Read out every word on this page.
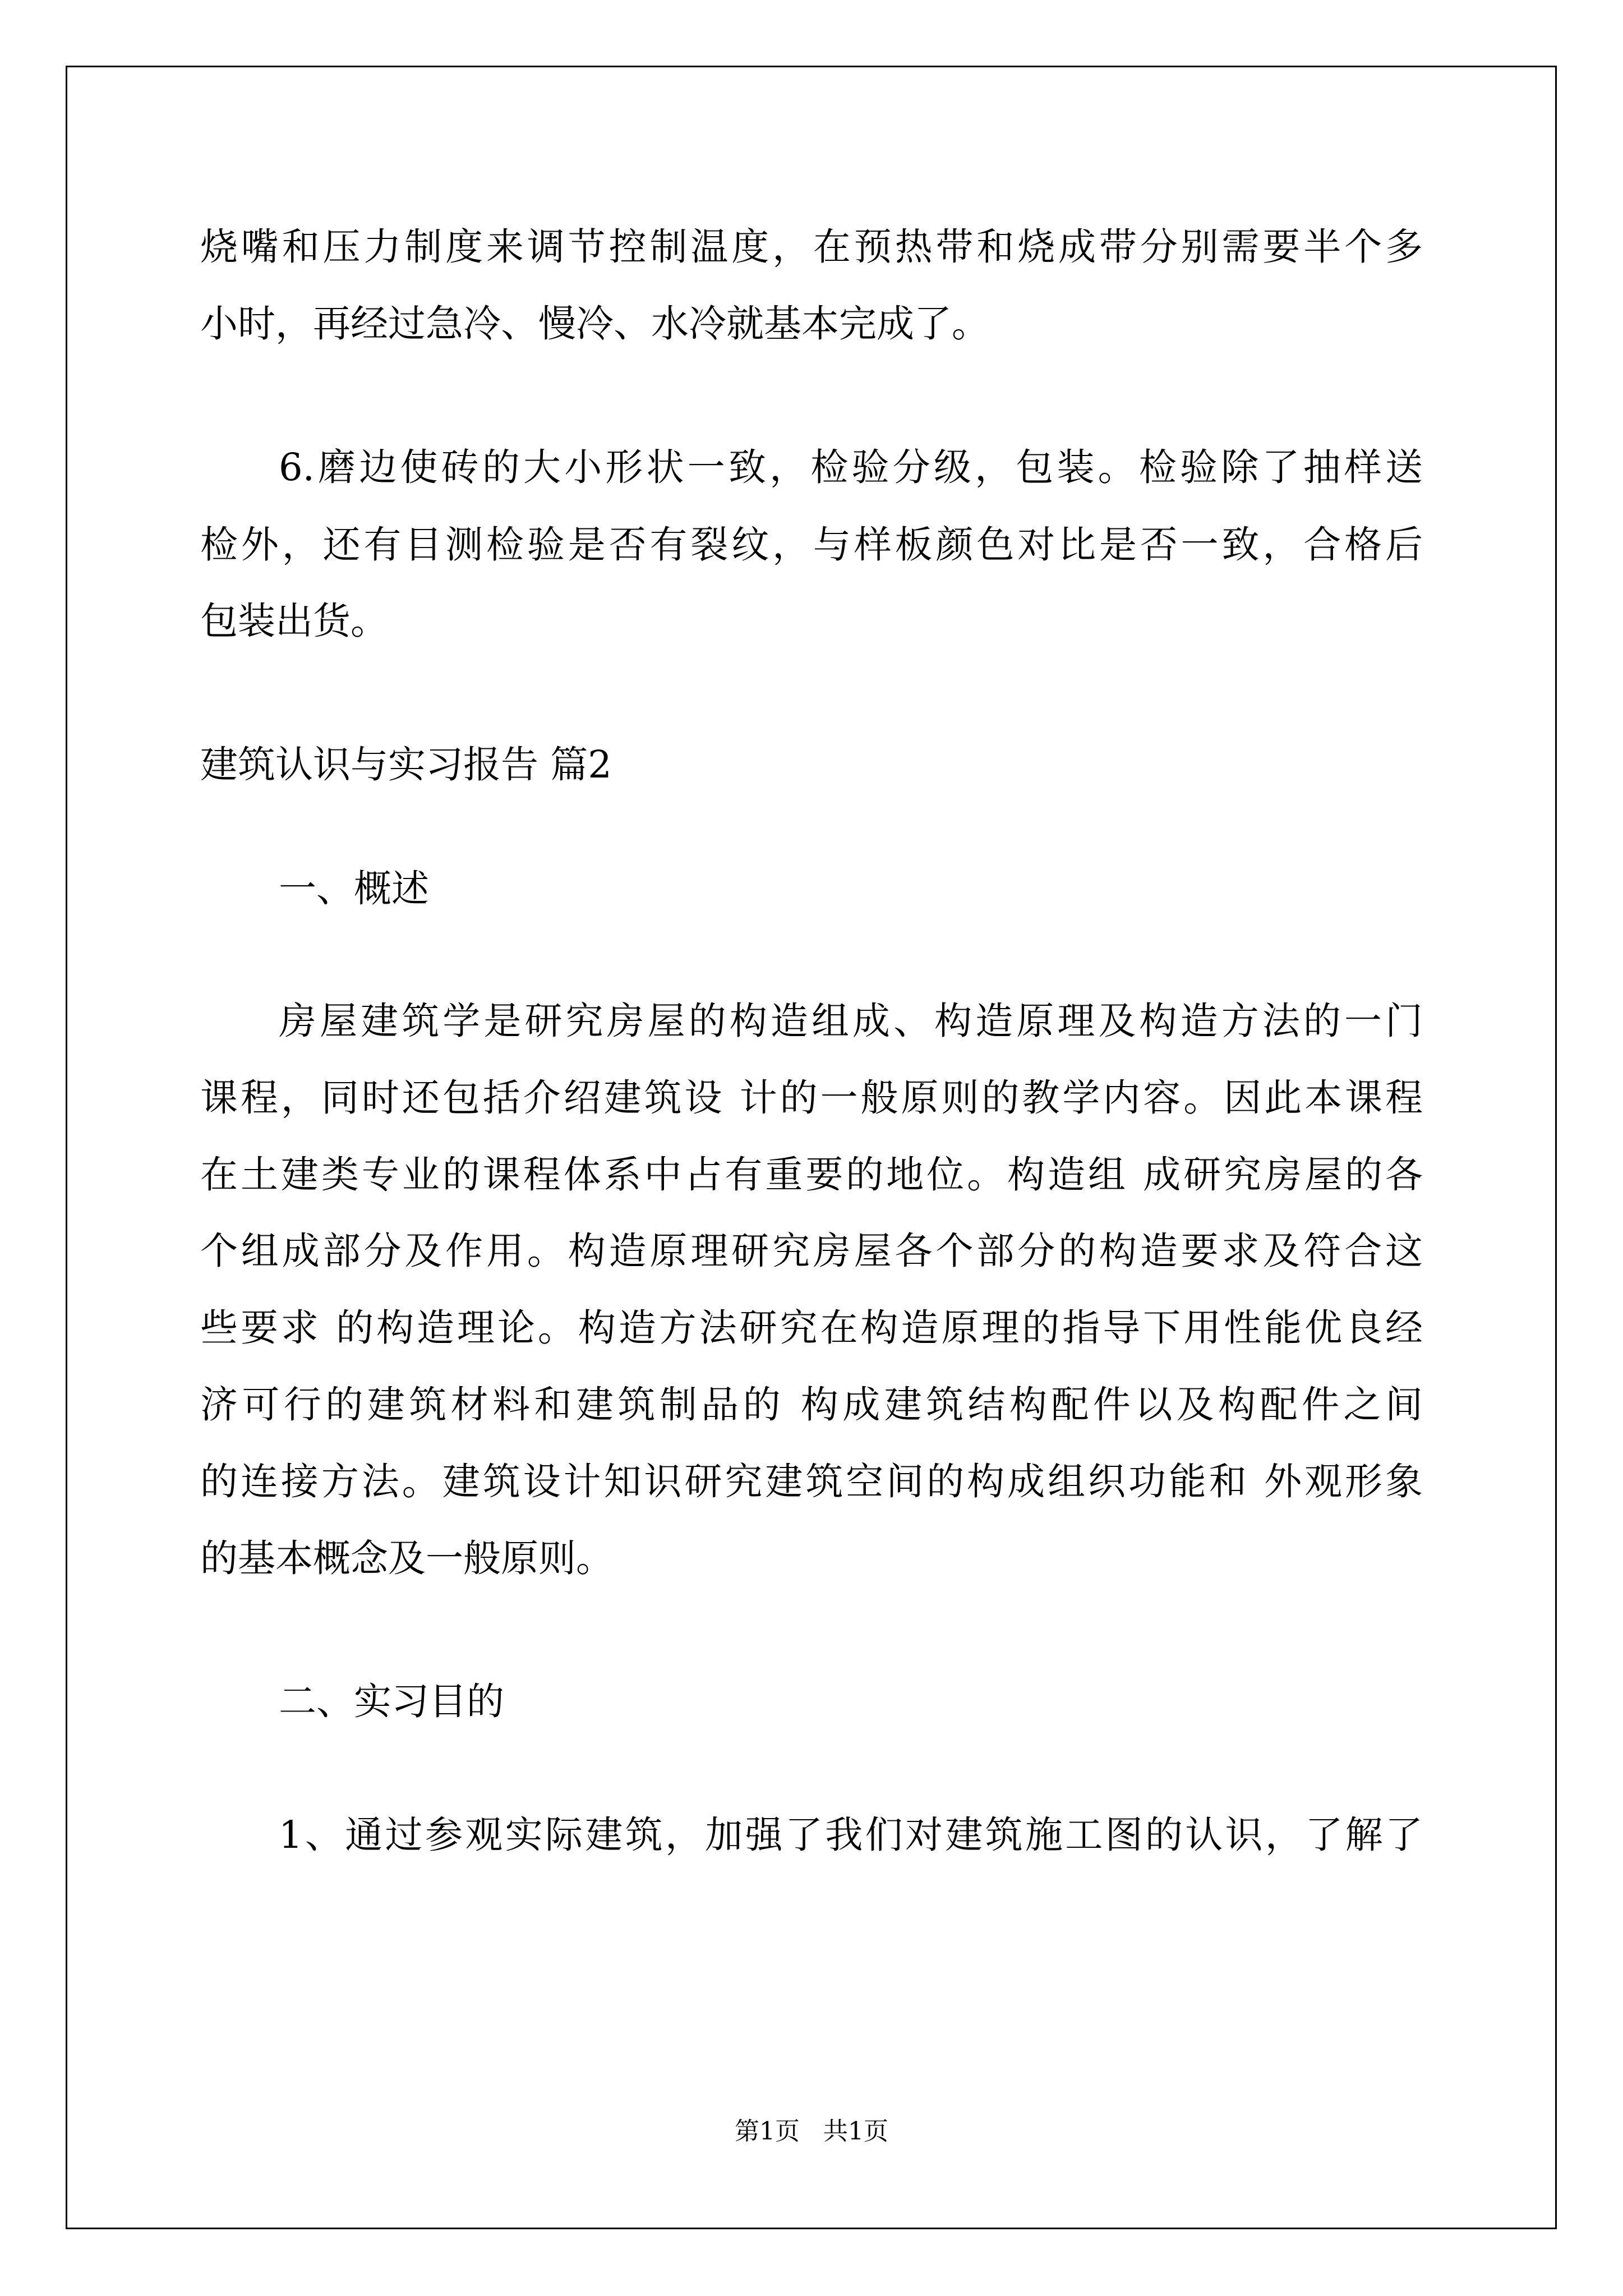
烧嘴和压力制度来调节控制温度，在预热带和烧成带分别需要半个多
小时，再经过急冷、慢冷、水冷就基本完成了。
6.磨边使砖的大小形状一致，检验分级，包装。检验除了抽样送
检外，还有目测检验是否有裂纹，与样板颜色对比是否一致，合格后
包装出货。
建筑认识与实习报告 篇2
一、概述
房屋建筑学是研究房屋的构造组成、构造原理及构造方法的一门
课程，同时还包括介绍建筑设 计的一般原则的教学内容。因此本课程
在土建类专业的课程体系中占有重要的地位。构造组 成研究房屋的各
个组成部分及作用。构造原理研究房屋各个部分的构造要求及符合这
些要求 的构造理论。构造方法研究在构造原理的指导下用性能优良经
济可行的建筑材料和建筑制品的 构成建筑结构配件以及构配件之间
的连接方法。建筑设计知识研究建筑空间的构成组织功能和 外观形象
的基本概念及一般原则。
二、实习目的
1、通过参观实际建筑，加强了我们对建筑施工图的认识，了解了
第1页   共1页
